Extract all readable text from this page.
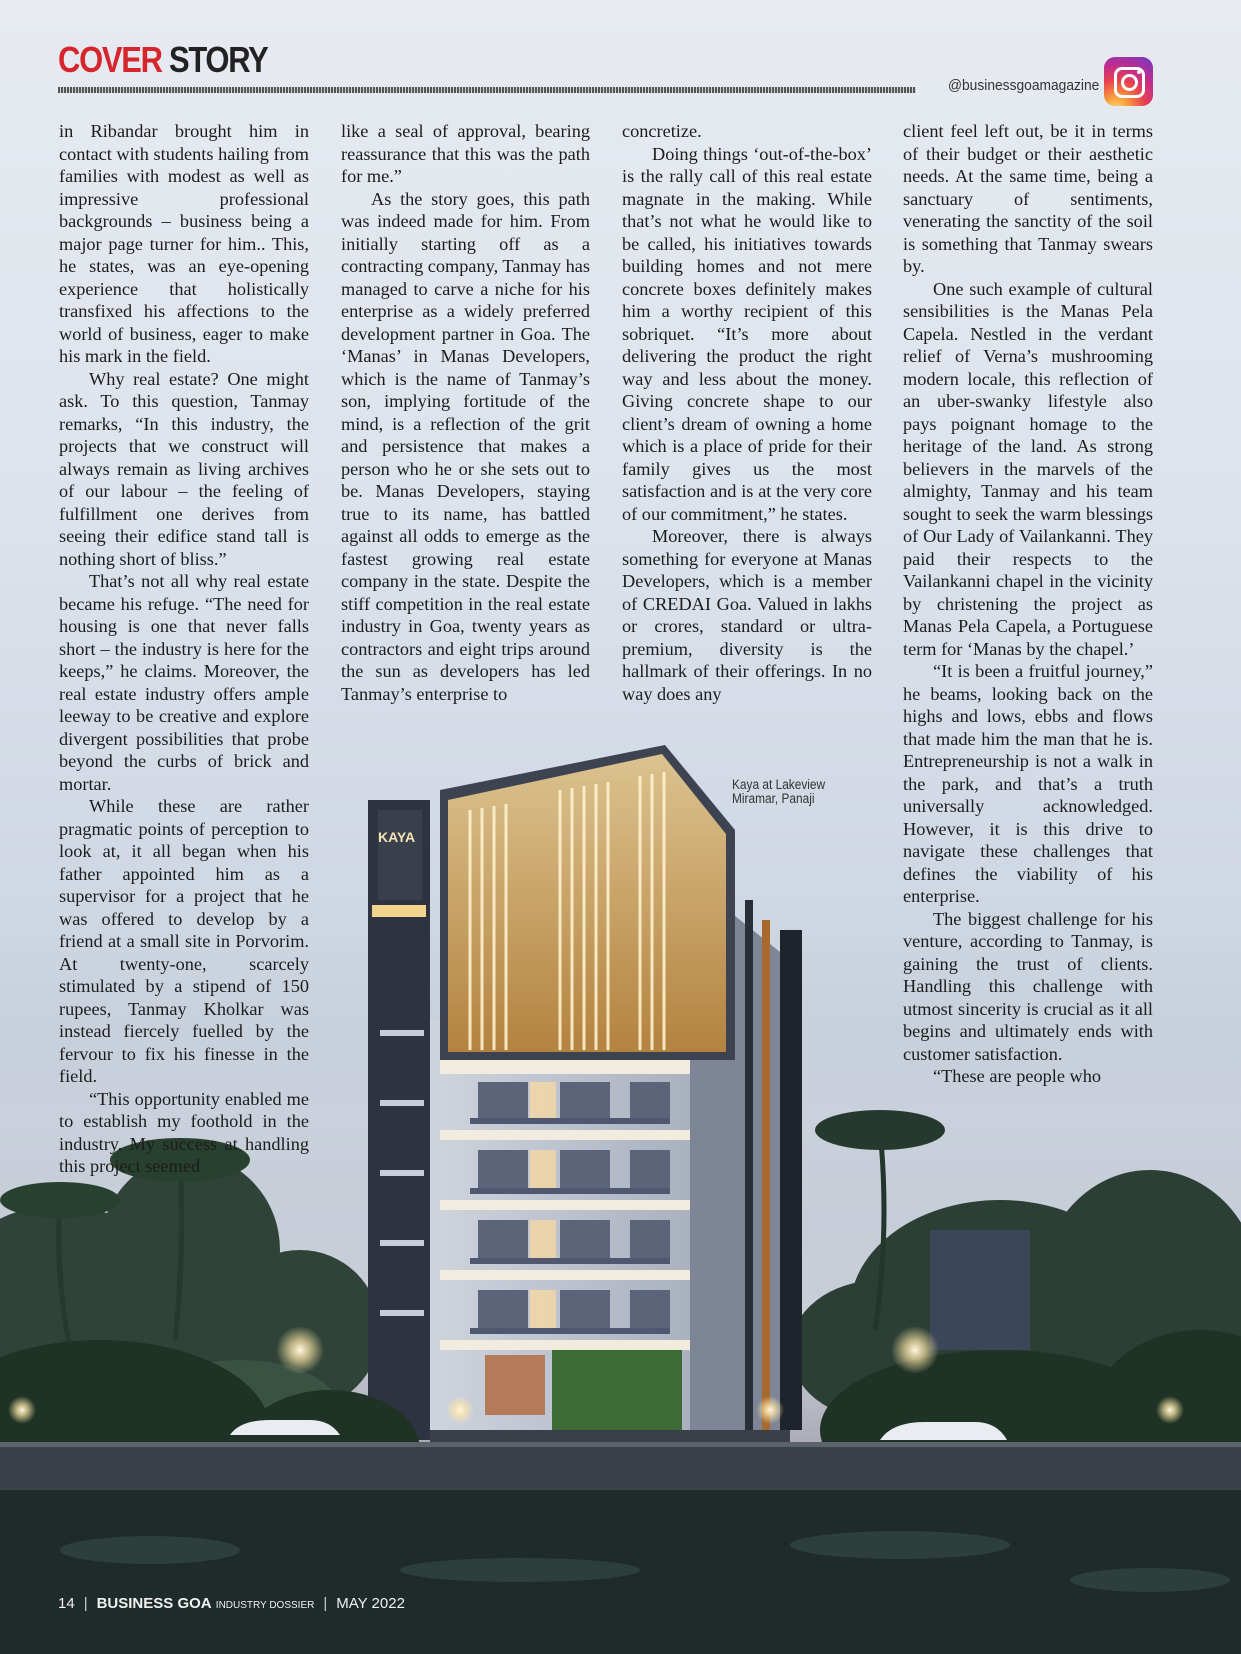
KAYA
COVER STORY
@businessgoamagazine

in Ribandar brought him in contact with students hailing from families with modest as well as impressive professional backgrounds – business being a major page turner for him.. This, he states, was an eye-opening experience that holistically transfixed his affections to the world of business, eager to make his mark in the field.

Why real estate? One might ask. To this question, Tanmay remarks, “In this industry, the projects that we construct will always remain as living archives of our labour – the feeling of fulfillment one derives from seeing their edifice stand tall is nothing short of bliss.”

That’s not all why real estate became his refuge. “The need for housing is one that never falls short – the industry is here for the keeps,” he claims. Moreover, the real estate industry offers ample leeway to be creative and explore divergent possibilities that probe beyond the curbs of brick and mortar.

While these are rather pragmatic points of perception to look at, it all began when his father appointed him as a supervisor for a project that he was offered to develop by a friend at a small site in Porvorim. At twenty-one, scarcely stimulated by a stipend of 150 rupees, Tanmay Kholkar was instead fiercely fuelled by the fervour to fix his finesse in the field.

“This opportunity enabled me to establish my foothold in the industry. My success at handling this project seemed

like a seal of approval, bearing reassurance that this was the path for me.”

As the story goes, this path was indeed made for him. From initially starting off as a contracting company, Tanmay has managed to carve a niche for his enterprise as a widely preferred development partner in Goa. The ‘Manas’ in Manas Developers, which is the name of Tanmay’s son, implying fortitude of the mind, is a reflection of the grit and persistence that makes a person who he or she sets out to be. Manas Developers, staying true to its name, has battled against all odds to emerge as the fastest growing real estate company in the state. Despite the stiff competition in the real estate industry in Goa, twenty years as contractors and eight trips around the sun as developers has led Tanmay’s enterprise to

concretize.

Doing things ‘out-of-the-box’ is the rally call of this real estate magnate in the making. While that’s not what he would like to be called, his initiatives towards building homes and not mere concrete boxes definitely makes him a worthy recipient of this sobriquet. “It’s more about delivering the product the right way and less about the money. Giving concrete shape to our client’s dream of owning a home which is a place of pride for their family gives us the most satisfaction and is at the very core of our commitment,” he states.

Moreover, there is always something for everyone at Manas Developers, which is a member of CREDAI Goa. Valued in lakhs or crores, standard or ultra-premium, diversity is the hallmark of their offerings. In no way does any

client feel left out, be it in terms of their budget or their aesthetic needs. At the same time, being a sanctuary of sentiments, venerating the sanctity of the soil is something that Tanmay swears by.

One such example of cultural sensibilities is the Manas Pela Capela. Nestled in the verdant relief of Verna’s mushrooming modern locale, this reflection of an uber-swanky lifestyle also pays poignant homage to the heritage of the land. As strong believers in the marvels of the almighty, Tanmay and his team sought to seek the warm blessings of Our Lady of Vailankanni. They paid their respects to the Vailankanni chapel in the vicinity by christening the project as Manas Pela Capela, a Portuguese term for ‘Manas by the chapel.’

“It is been a fruitful journey,” he beams, looking back on the highs and lows, ebbs and flows that made him the man that he is. Entrepreneurship is not a walk in the park, and that’s a truth universally acknowledged. However, it is this drive to navigate these challenges that defines the viability of his enterprise.

The biggest challenge for his venture, according to Tanmay, is gaining the trust of clients. Handling this challenge with utmost sincerity is crucial as it all begins and ultimately ends with customer satisfaction.

“These are people who

Kaya at Lakeview
Miramar, Panaji
14 | BUSINESS GOA INDUSTRY DOSSIER | MAY 2022
